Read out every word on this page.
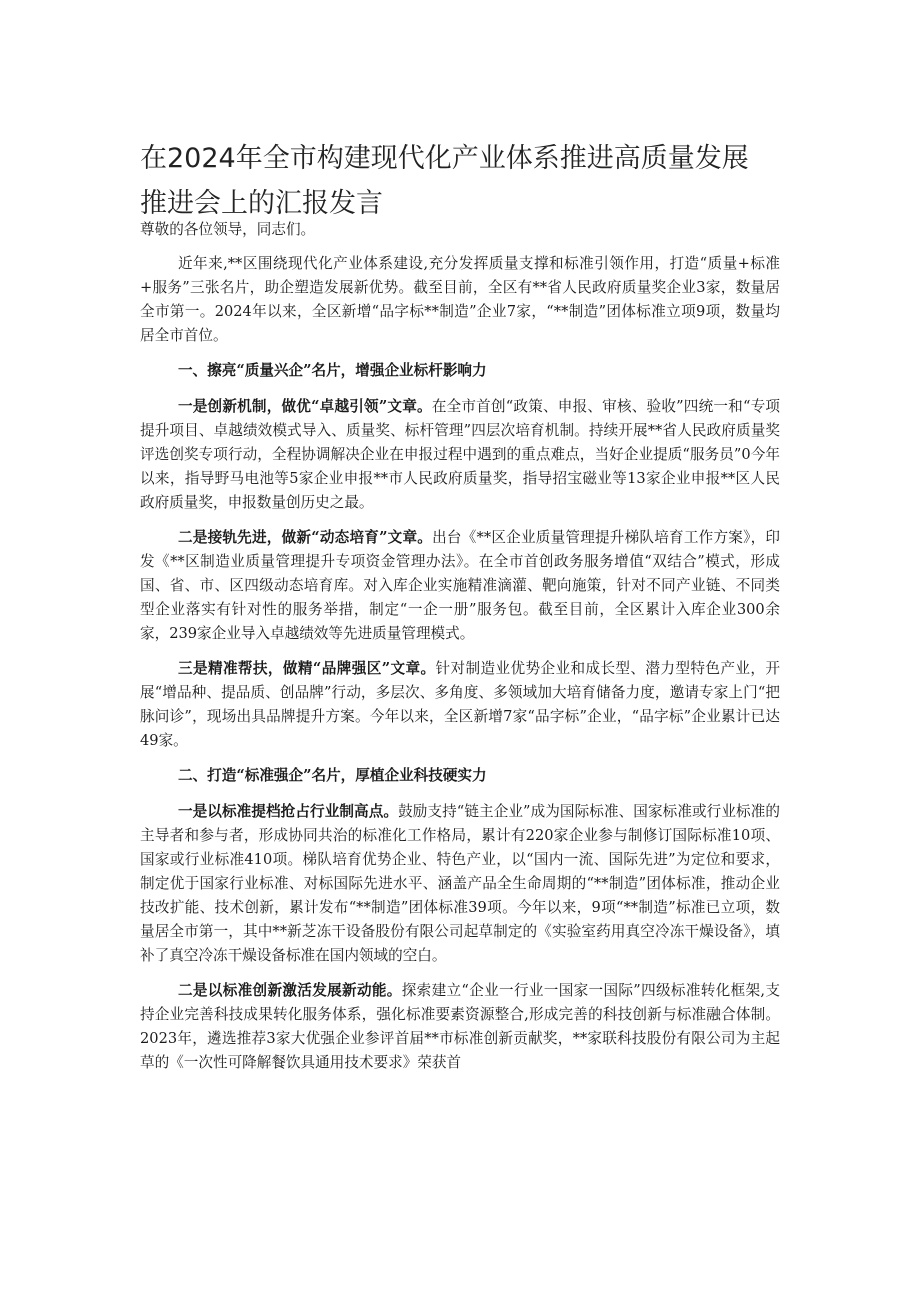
在2024年全市构建现代化产业体系推进高质量发展
推进会上的汇报发言

尊敬的各位领导，同志们。

近年来,**区围绕现代化产业体系建设,充分发挥质量支撑和标准引领作用，打造“质量+标准+服务”三张名片，助企塑造发展新优势。截至目前，全区有**省人民政府质量奖企业3家，数量居全市第一。2024年以来，全区新增“品字标**制造”企业7家，“**制造”团体标准立项9项，数量均居全市首位。

一、擦亮“质量兴企”名片，增强企业标杆影响力

一是创新机制，做优“卓越引领”文章。在全市首创“政策、申报、审核、验收”四统一和“专项提升项目、卓越绩效模式导入、质量奖、标杆管理”四层次培育机制。持续开展**省人民政府质量奖评选创奖专项行动，全程协调解决企业在申报过程中遇到的重点难点，当好企业提质“服务员”0今年以来，指导野马电池等5家企业申报**市人民政府质量奖，指导招宝磁业等13家企业申报**区人民政府质量奖，申报数量创历史之最。

二是接轨先进，做新“动态培育”文章。出台《**区企业质量管理提升梯队培育工作方案》，印发《**区制造业质量管理提升专项资金管理办法》。在全市首创政务服务增值“双结合”模式，形成国、省、市、区四级动态培育库。对入库企业实施精准滴灌、靶向施策，针对不同产业链、不同类型企业落实有针对性的服务举措，制定“一企一册”服务包。截至目前，全区累计入库企业300余家，239家企业导入卓越绩效等先进质量管理模式。

三是精准帮扶，做精“品牌强区”文章。针对制造业优势企业和成长型、潜力型特色产业，开展“增品种、提品质、创品牌”行动，多层次、多角度、多领域加大培育储备力度，邀请专家上门“把脉问诊”，现场出具品牌提升方案。今年以来，全区新增7家“品字标”企业，“品字标”企业累计已达49家。

二、打造“标准强企”名片，厚植企业科技硬实力

一是以标准提档抢占行业制高点。鼓励支持“链主企业”成为国际标准、国家标准或行业标准的主导者和参与者，形成协同共治的标准化工作格局，累计有220家企业参与制修订国际标准10项、国家或行业标准410项。梯队培育优势企业、特色产业，以“国内一流、国际先进”为定位和要求，制定优于国家行业标准、对标国际先进水平、涵盖产品全生命周期的“**制造”团体标准，推动企业技改扩能、技术创新，累计发布“**制造”团体标准39项。今年以来，9项“**制造”标准已立项，数量居全市第一，其中**新芝冻干设备股份有限公司起草制定的《实验室药用真空冷冻干燥设备》，填补了真空冷冻干燥设备标准在国内领域的空白。

二是以标准创新激活发展新动能。探索建立“企业一行业一国家一国际”四级标准转化框架,支持企业完善科技成果转化服务体系，强化标准要素资源整合,形成完善的科技创新与标准融合体制。2023年，遴选推荐3家大优强企业参评首届**市标准创新贡献奖，**家联科技股份有限公司为主起草的《一次性可降解餐饮具通用技术要求》荣获首
